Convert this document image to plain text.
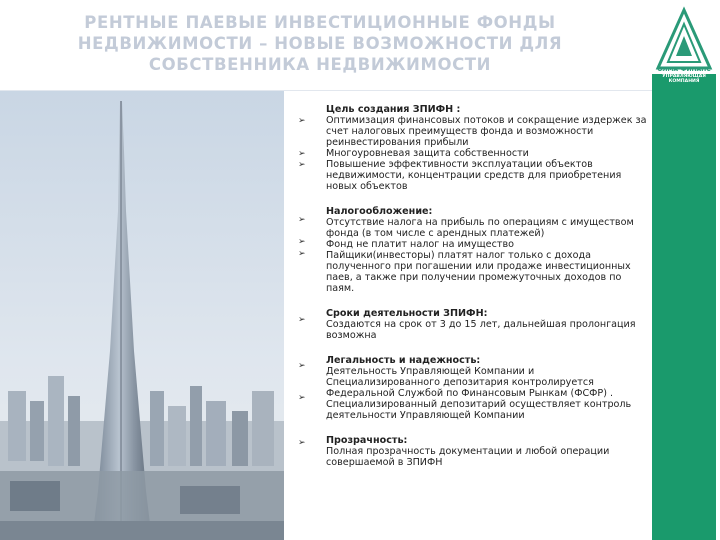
РЕНТНЫЕ ПАЕВЫЕ ИНВЕСТИЦИОННЫЕ ФОНДЫ
НЕДВИЖИМОСТИ – НОВЫЕ ВОЗМОЖНОСТИ ДЛЯ
СОБСТВЕННИКА НЕДВИЖИМОСТИ	ОЛМА-ФИНАНС
УПРАВЛЯЮЩАЯ КОМПАНИЯ
➢
➢
➢
➢
➢
➢
➢
➢
➢
➢
Цель создания ЗПИФН :
Оптимизация финансовых потоков и сокращение издержек за счет налоговых преимуществ фонда и возможности реинвестирования прибыли
Многоуровневая защита собственности
Повышение эффективности эксплуатации объектов недвижимости, концентрации средств для приобретения новых объектов
Налогообложение:
Отсутствие налога на прибыль по операциям с имуществом фонда (в том числе с арендных платежей)
Фонд не платит налог на имущество
Пайщики(инвесторы) платят налог только с дохода полученного при погашении или продаже инвестиционных паев, а также при получении промежуточных доходов по паям.
Сроки деятельности ЗПИФН:
Создаются на срок от 3 до 15 лет, дальнейшая пролонгация возможна
Легальность и надежность:
Деятельность Управляющей Компании и Специализированного депозитария контролируется Федеральной Службой по Финансовым Рынкам (ФСФР) .
Специализированный депозитарий осуществляет контроль деятельности Управляющей Компании
Прозрачность:
Полная прозрачность документации и любой операции совершаемой в ЗПИФН
